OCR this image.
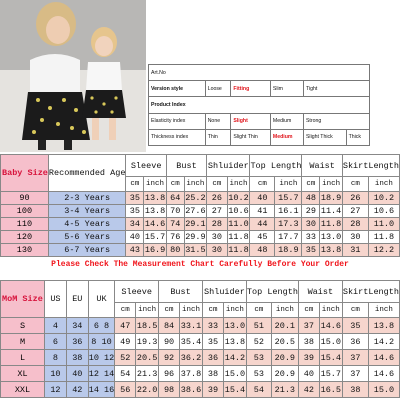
Art.No					
Version style	Loose	Fitting	Slim	Tight	
Product Index					
Elasticity index	None	Slight	Medium	Strong	
Thickness index	Thin	Slight Thin	Medium	Slight Thick	Thick
Baby Size	Recommended Age	Sleeve		Bust		Shluider		Top Length		Waist		SkirtLength	
		cm	inch	cm	inch	cm	inch	cm	inch	cm	inch	cm	inch
90	2-3 Years	35	13.8	64	25.2	26	10.2	40	15.7	48	18.9	26	10.2
100	3-4 Years	35	13.8	70	27.6	27	10.6	41	16.1	29	11.4	27	10.6
110	4-5 Years	34	14.6	74	29.1	28	11.0	44	17.3	30	11.8	28	11.0
120	5-6 Years	40	15.7	76	29.9	30	11.8	45	17.7	33	13.0	30	11.8
130	6-7 Years	43	16.9	80	31.5	30	11.8	48	18.9	35	13.8	31	12.2
Please Check The Measurement Chart Carefully Before Your Order
MoM Size	US	EU	UK	Sleeve		Bust		Shluider		Top Length		Waist		SkirtLength	
				cm	inch	cm	inch	cm	inch	cm	inch	cm	inch	cm	inch
S	4	34	6 8	47	18.5	84	33.1	33	13.0	51	20.1	37	14.6	35	13.8
M	6	36	8 10	49	19.3	90	35.4	35	13.8	52	20.5	38	15.0	36	14.2
L	8	38	10 12	52	20.5	92	36.2	36	14.2	53	20.9	39	15.4	37	14.6
XL	10	40	12 14	54	21.3	96	37.8	38	15.0	53	20.9	40	15.7	37	14.6
XXL	12	42	14 16	56	22.0	98	38.6	39	15.4	54	21.3	42	16.5	38	15.0
